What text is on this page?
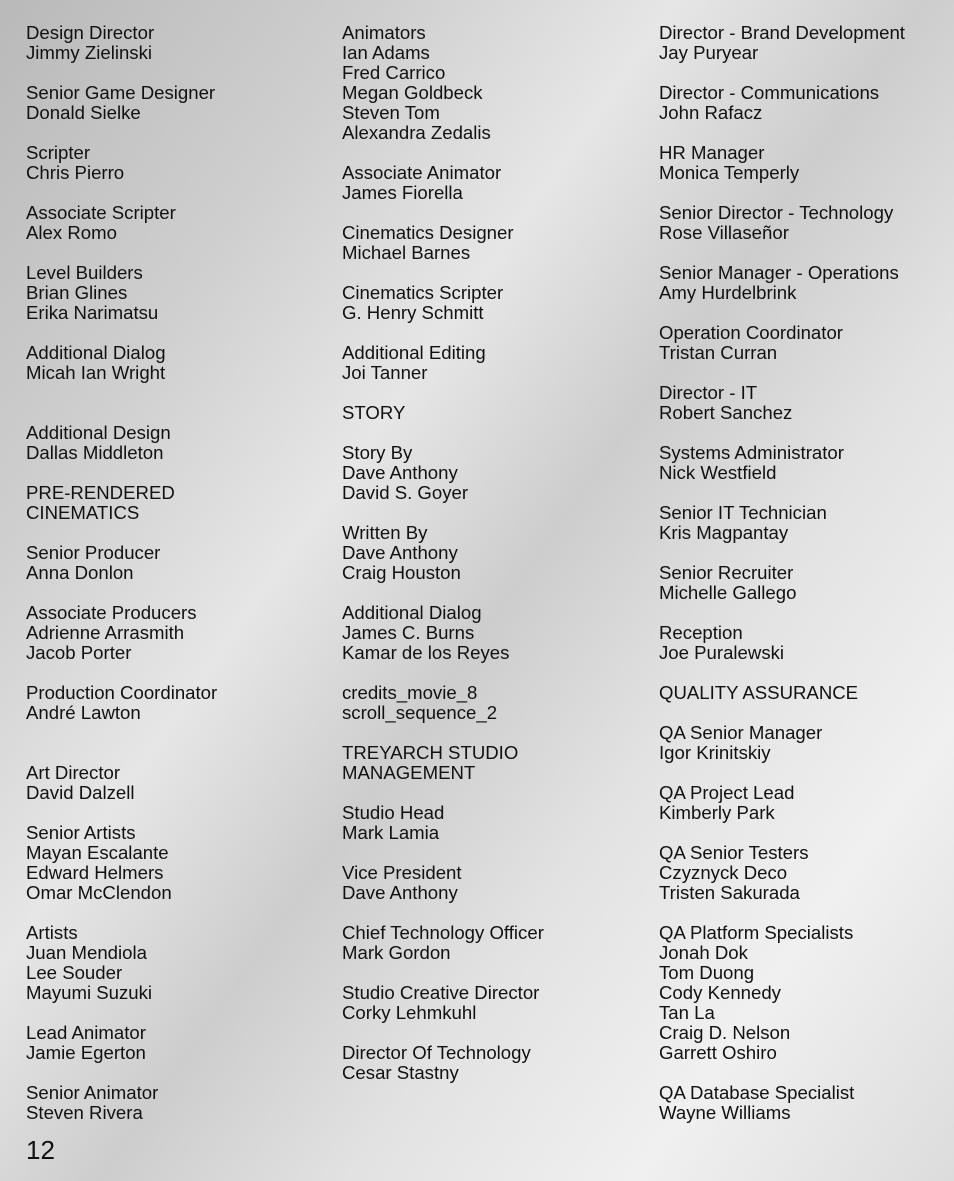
Design Director
Jimmy Zielinski
Senior Game Designer
Donald Sielke
Scripter
Chris Pierro
Associate Scripter
Alex Romo
Level Builders
Brian Glines
Erika Narimatsu
Additional Dialog
Micah Ian Wright
Additional Design
Dallas Middleton
PRE-RENDERED
CINEMATICS
Senior Producer
Anna Donlon
Associate Producers
Adrienne Arrasmith
Jacob Porter
Production Coordinator
André Lawton
Art Director
David Dalzell
Senior Artists
Mayan Escalante
Edward Helmers
Omar McClendon
Artists
Juan Mendiola
Lee Souder
Mayumi Suzuki
Lead Animator
Jamie Egerton
Senior Animator
Steven Rivera
Animators
Ian Adams
Fred Carrico
Megan Goldbeck
Steven Tom
Alexandra Zedalis
Associate Animator
James Fiorella
Cinematics Designer
Michael Barnes
Cinematics Scripter
G. Henry Schmitt
Additional Editing
Joi Tanner
STORY
Story By
Dave Anthony
David S. Goyer
Written By
Dave Anthony
Craig Houston
Additional Dialog
James C. Burns
Kamar de los Reyes
credits_movie_8
scroll_sequence_2
TREYARCH STUDIO
MANAGEMENT
Studio Head
Mark Lamia
Vice President
Dave Anthony
Chief Technology Officer
Mark Gordon
Studio Creative Director
Corky Lehmkuhl
Director Of Technology
Cesar Stastny
Director - Brand Development
Jay Puryear
Director - Communications
John Rafacz
HR Manager
Monica Temperly
Senior Director - Technology
Rose Villaseñor
Senior Manager - Operations
Amy Hurdelbrink
Operation Coordinator
Tristan Curran
Director - IT
Robert Sanchez
Systems Administrator
Nick Westfield
Senior IT Technician
Kris Magpantay
Senior Recruiter
Michelle Gallego
Reception
Joe Puralewski
QUALITY ASSURANCE
QA Senior Manager
Igor Krinitskiy
QA Project Lead
Kimberly Park
QA Senior Testers
Czyznyck Deco
Tristen Sakurada
QA Platform Specialists
Jonah Dok
Tom Duong
Cody Kennedy
Tan La
Craig D. Nelson
Garrett Oshiro
QA Database Specialist
Wayne Williams
12
